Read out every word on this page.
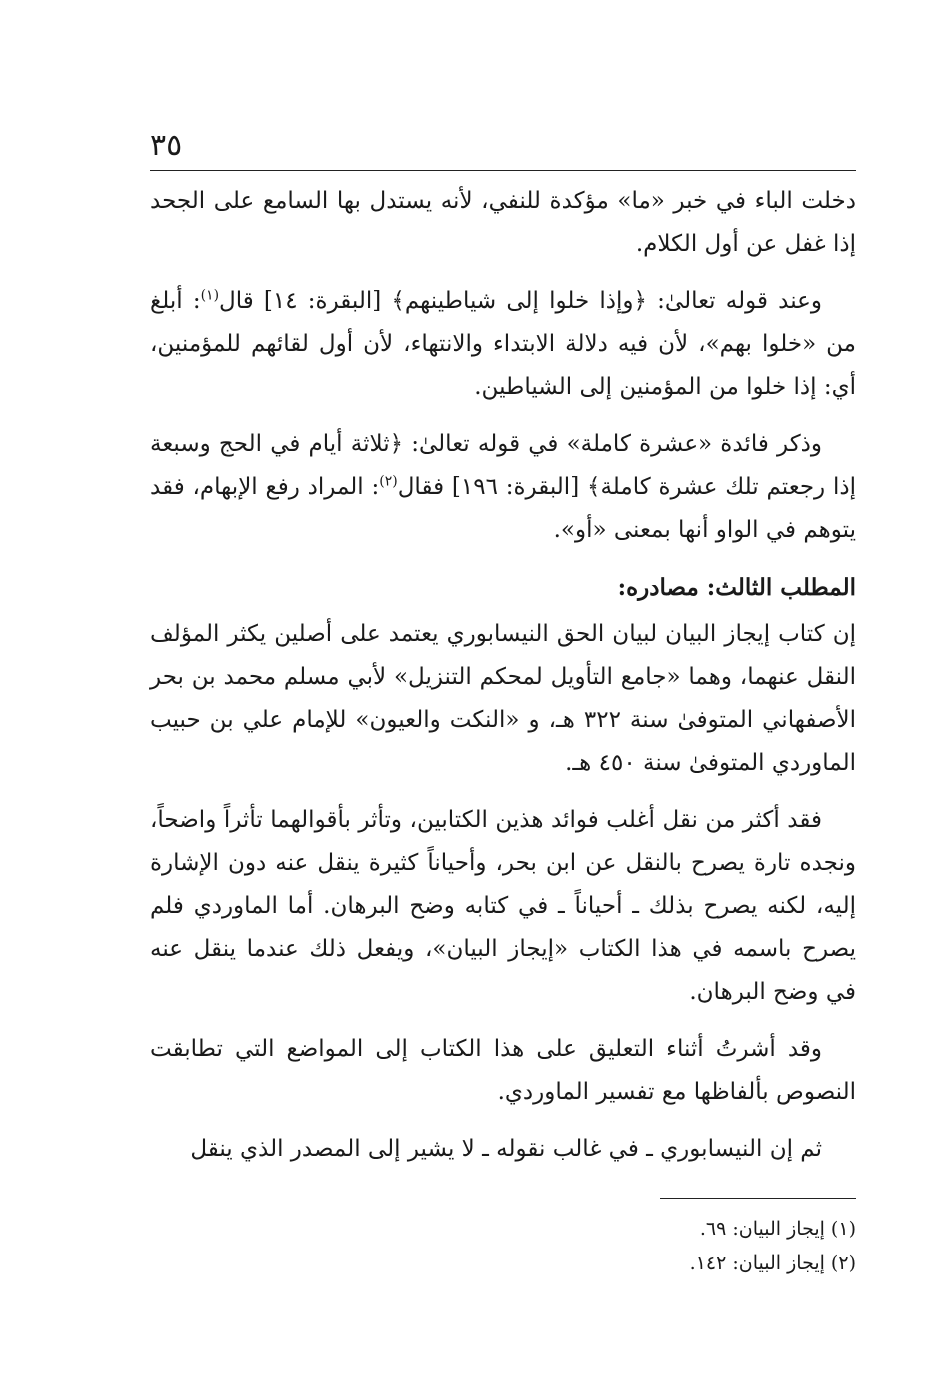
٣٥

دخلت الباء في خبر «ما» مؤكدة للنفي، لأنه يستدل بها السامع على الجحد إذا غفل عن أول الكلام.

وعند قوله تعالىٰ: ﴿وإذا خلوا إلى شياطينهم﴾ [البقرة: ١٤] قال$^{(١)}$: أبلغ من «خلوا بهم»، لأن فيه دلالة الابتداء والانتهاء، لأن أول لقائهم للمؤمنين، أي: إذا خلوا من المؤمنين إلى الشياطين.

وذكر فائدة «عشرة كاملة» في قوله تعالىٰ: ﴿ثلاثة أيام في الحج وسبعة إذا رجعتم تلك عشرة كاملة﴾ [البقرة: ١٩٦] فقال$^{(٢)}$: المراد رفع الإبهام، فقد يتوهم في الواو أنها بمعنى «أو».

المطلب الثالث: مصادره:

إن كتاب إيجاز البيان لبيان الحق النيسابوري يعتمد على أصلين يكثر المؤلف النقل عنهما، وهما «جامع التأويل لمحكم التنزيل» لأبي مسلم محمد بن بحر الأصفهاني المتوفىٰ سنة ٣٢٢ هـ، و «النكت والعيون» للإمام علي بن حبيب الماوردي المتوفىٰ سنة ٤٥٠ هـ.

فقد أكثر من نقل أغلب فوائد هذين الكتابين، وتأثر بأقوالهما تأثراً واضحاً، ونجده تارة يصرح بالنقل عن ابن بحر، وأحياناً كثيرة ينقل عنه دون الإشارة إليه، لكنه يصرح بذلك ـ أحياناً ـ في كتابه وضح البرهان. أما الماوردي فلم يصرح باسمه في هذا الكتاب «إيجاز البيان»، ويفعل ذلك عندما ينقل عنه في وضح البرهان.

وقد أشرتُ أثناء التعليق على هذا الكتاب إلى المواضع التي تطابقت النصوص بألفاظها مع تفسير الماوردي.

ثم إن النيسابوري ـ في غالب نقوله ـ لا يشير إلى المصدر الذي ينقل

(١) إيجاز البيان: ٦٩.

(٢) إيجاز البيان: ١٤٢.
